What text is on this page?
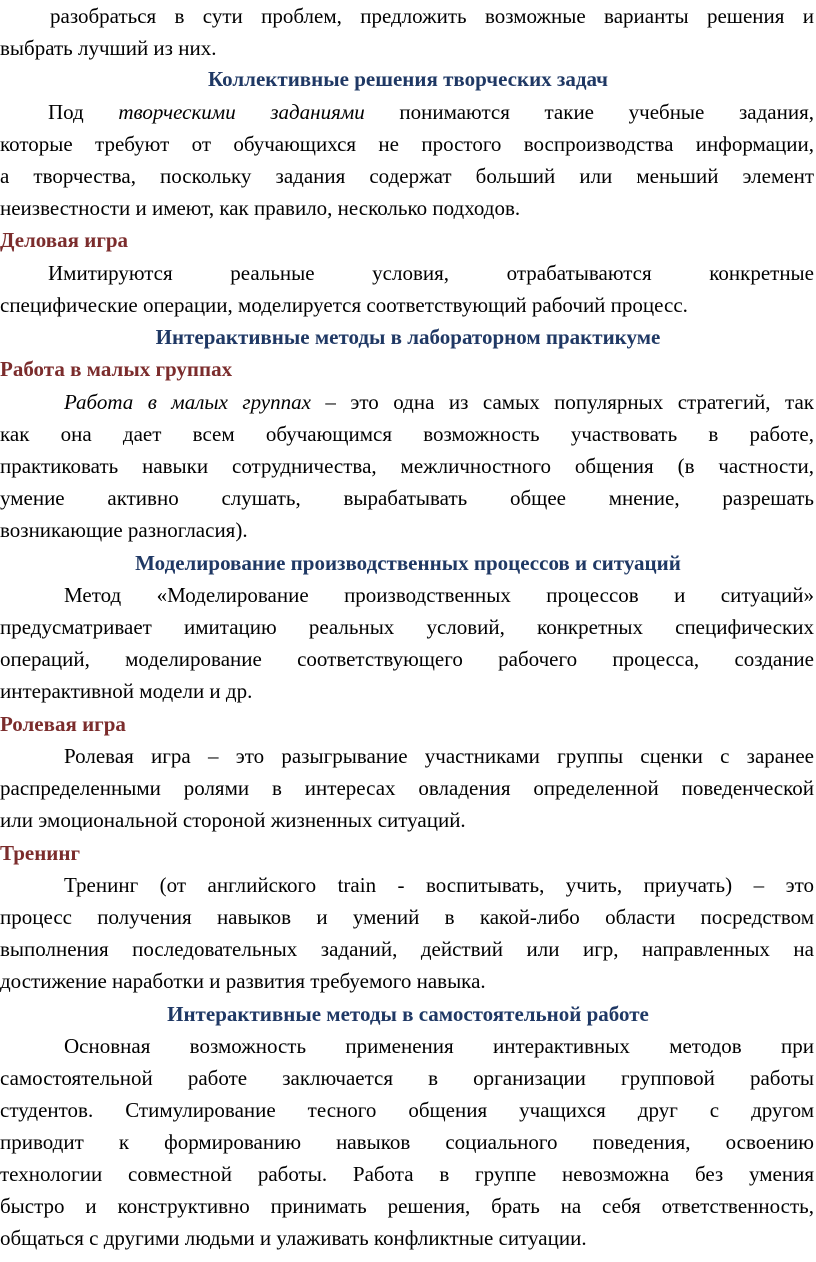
разобраться в сути проблем, предложить возможные варианты решения и
выбрать лучший из них.
Коллективные решения творческих задач
Под творческими заданиями понимаются такие учебные задания,
которые требуют от обучающихся не простого воспроизводства информации,
а творчества, поскольку задания содержат больший или меньший элемент
неизвестности и имеют, как правило, несколько подходов.
Деловая игра
Имитируются реальные условия, отрабатываются конкретные
специфические операции, моделируется соответствующий рабочий процесс.
Интерактивные методы в лабораторном практикуме
Работа в малых группах
Работа в малых группах – это одна из самых популярных стратегий, так
как она дает всем обучающимся возможность участвовать в работе,
практиковать навыки сотрудничества, межличностного общения (в частности,
умение активно слушать, вырабатывать общее мнение, разрешать
возникающие разногласия).
Моделирование производственных процессов и ситуаций
Метод «Моделирование производственных процессов и ситуаций»
предусматривает имитацию реальных условий, конкретных специфических
операций, моделирование соответствующего рабочего процесса, создание
интерактивной модели и др.
Ролевая игра
Ролевая игра – это разыгрывание участниками группы сценки с заранее
распределенными ролями в интересах овладения определенной поведенческой
или эмоциональной стороной жизненных ситуаций.
Тренинг
Тренинг (от английского train - воспитывать, учить, приучать) – это
процесс получения навыков и умений в какой-либо области посредством
выполнения последовательных заданий, действий или игр, направленных на
достижение наработки и развития требуемого навыка.
Интерактивные методы в самостоятельной работе
Основная возможность применения интерактивных методов при
самостоятельной работе заключается в организации групповой работы
студентов. Стимулирование тесного общения учащихся друг с другом
приводит к формированию навыков социального поведения, освоению
технологии совместной работы. Работа в группе невозможна без умения
быстро и конструктивно принимать решения, брать на себя ответственность,
общаться с другими людьми и улаживать конфликтные ситуации.
